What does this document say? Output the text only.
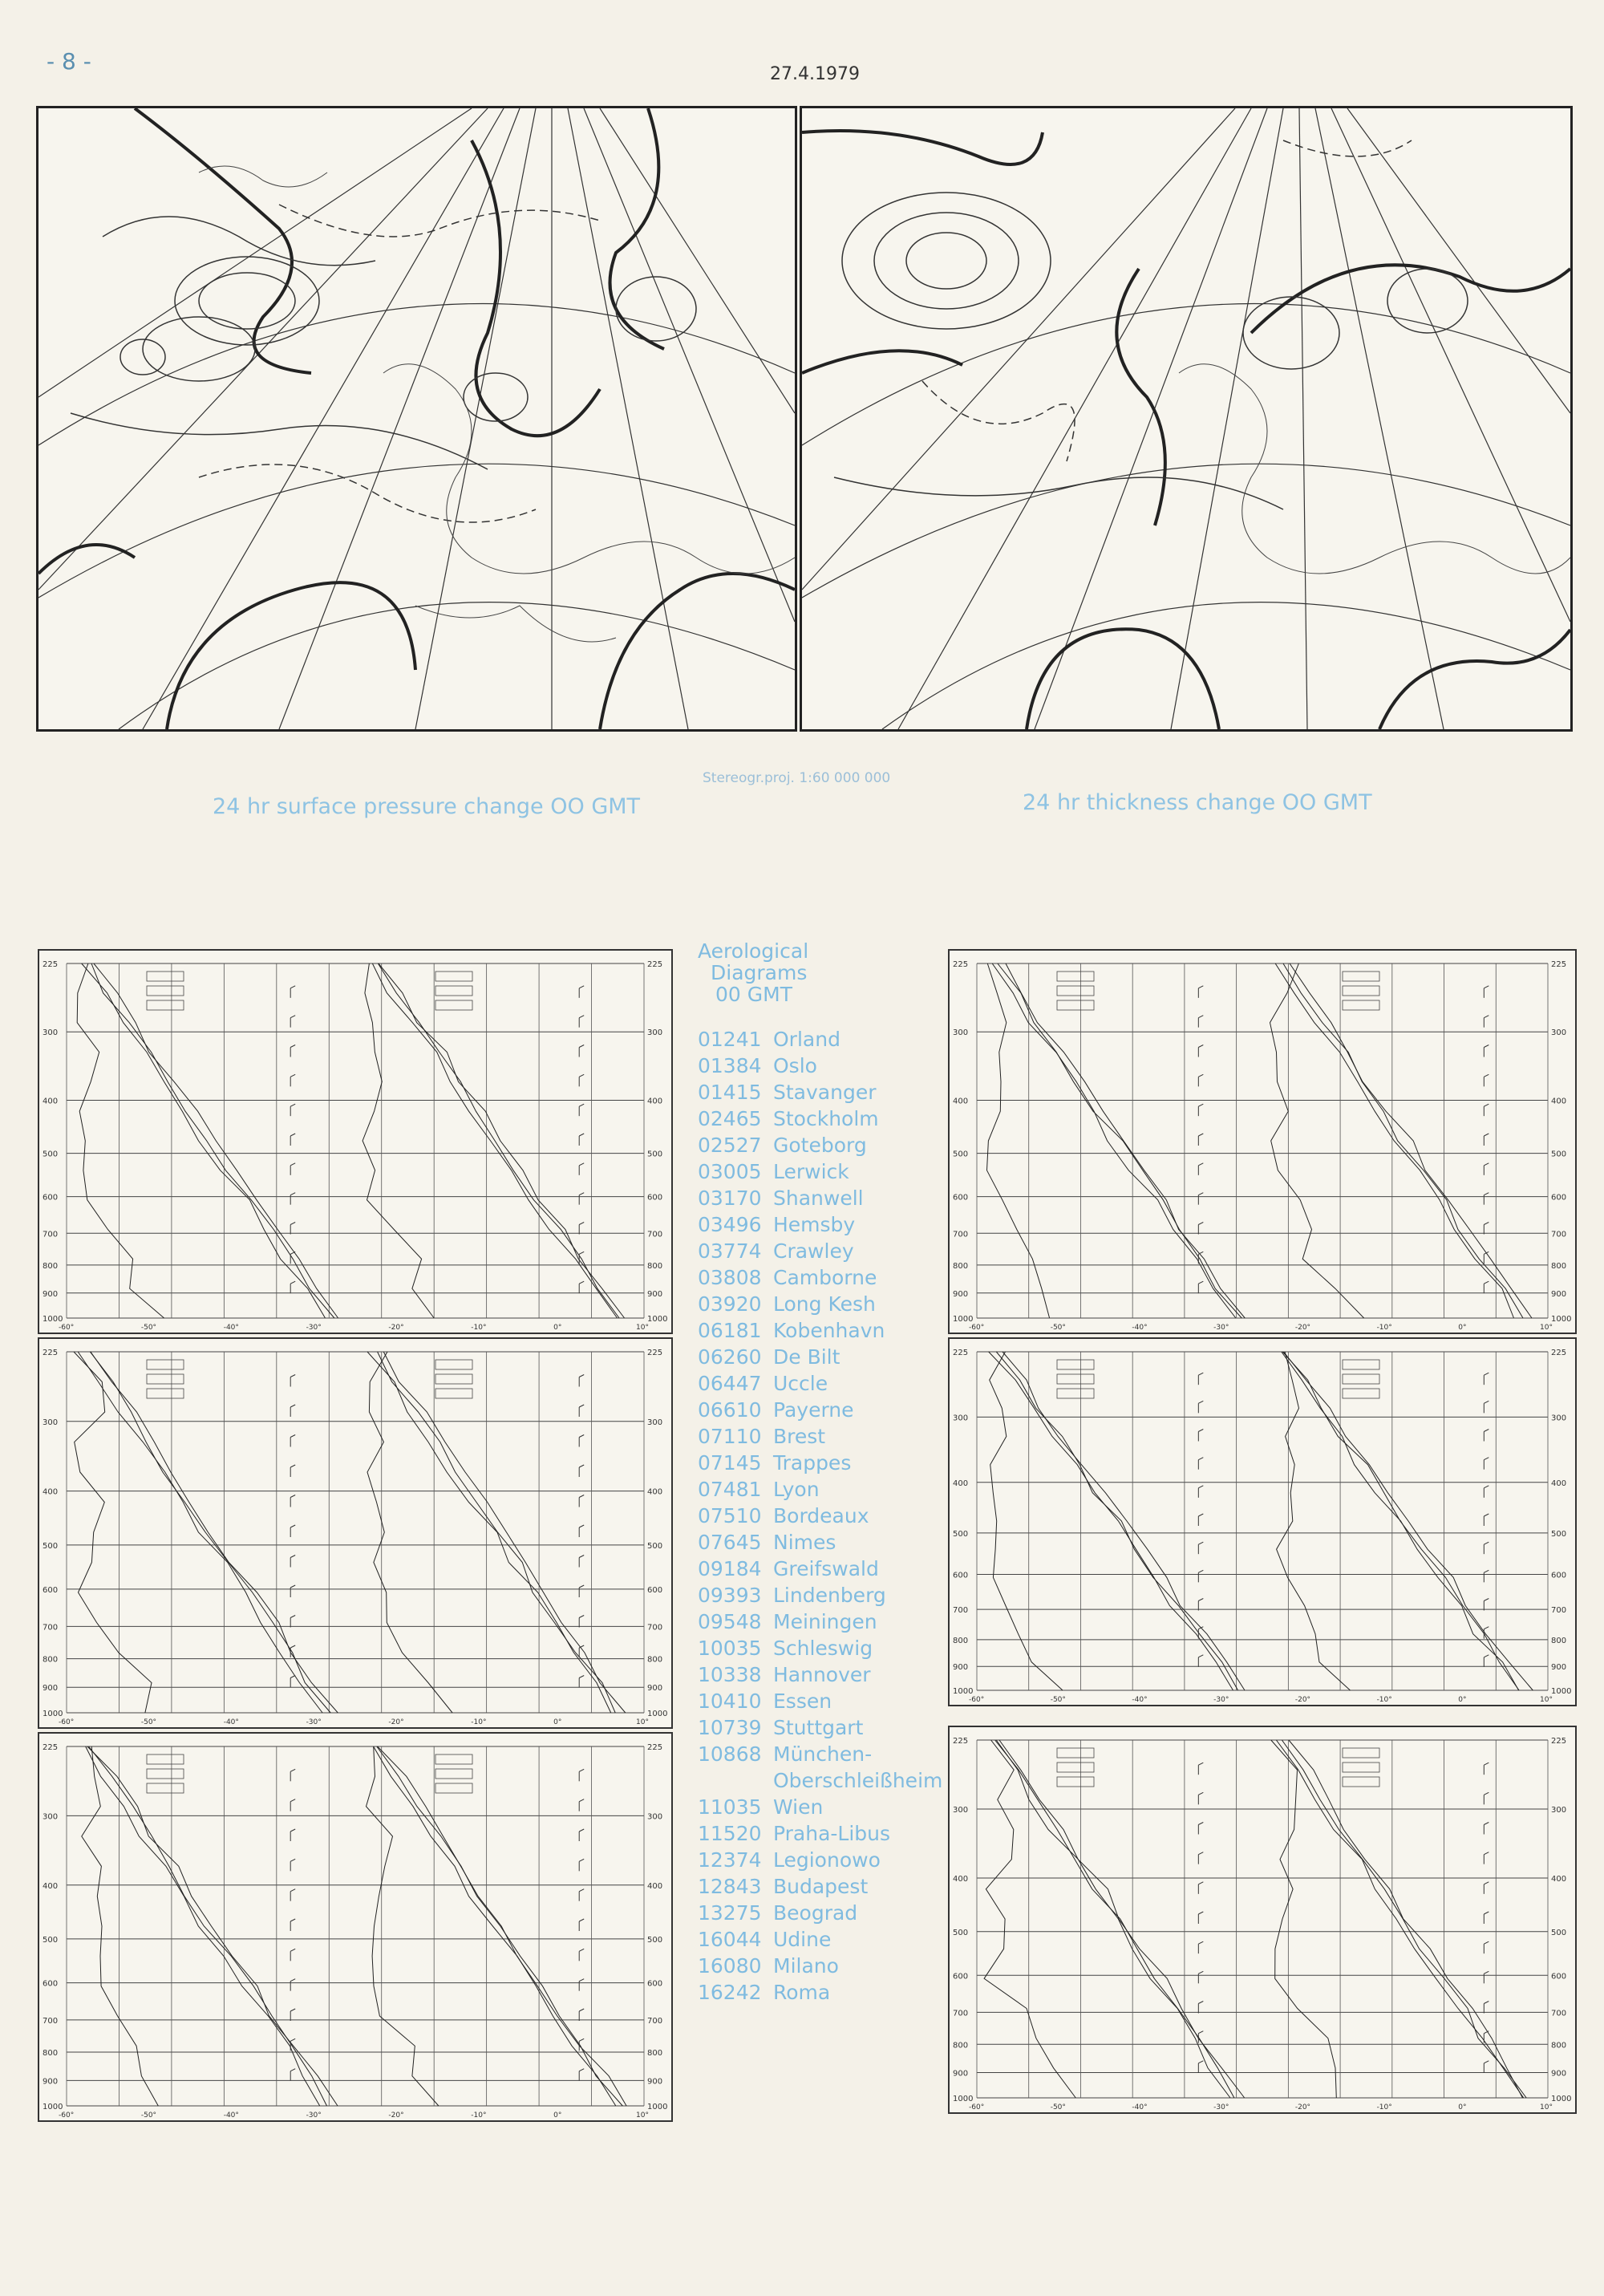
- 8 -	27.4.1979
Stereogr.proj. 1:60 000 000
24 hr surface pressure change OO GMT	24 hr thickness change OO GMT
225	225
300	300
400	400
500	500
600	600
700	700
800	800
900	900
1000	1000
-60°	-50°	-40°	-30°	-20°	-10°	0°	10°
225	225
300	300
400	400
500	500
600	600
700	700
800	800
900	900
1000	1000
-60°	-50°	-40°	-30°	-20°	-10°	0°	10°
225	225
300	300
400	400
500	500
600	600
700	700
800	800
900	900
1000	1000
-60°	-50°	-40°	-30°	-20°	-10°	0°	10°
225	225
300	300
400	400
500	500
600	600
700	700
800	800
900	900
1000	1000
-60°	-50°	-40°	-30°	-20°	-10°	0°	10°
225	225
300	300
400	400
500	500
600	600
700	700
800	800
900	900
1000	1000
-60°	-50°	-40°	-30°	-20°	-10°	0°	10°
225	225
300	300
400	400
500	500
600	600
700	700
800	800
900	900
1000	1000
-60°	-50°	-40°	-30°	-20°	-10°	0°	10°
Aerological
Diagrams
00 GMT
01241 Orland
01384 Oslo
01415 Stavanger
02465 Stockholm
02527 Goteborg
03005 Lerwick
03170 Shanwell
03496 Hemsby
03774 Crawley
03808 Camborne
03920 Long Kesh
06181 Kobenhavn
06260 De Bilt
06447 Uccle
06610 Payerne
07110 Brest
07145 Trappes
07481 Lyon
07510 Bordeaux
07645 Nimes
09184 Greifswald
09393 Lindenberg
09548 Meiningen
10035 Schleswig
10338 Hannover
10410 Essen
10739 Stuttgart
10868 München-
Oberschleißheim
11035 Wien
11520 Praha-Libus
12374 Legionowo
12843 Budapest
13275 Beograd
16044 Udine
16080 Milano
16242 Roma
